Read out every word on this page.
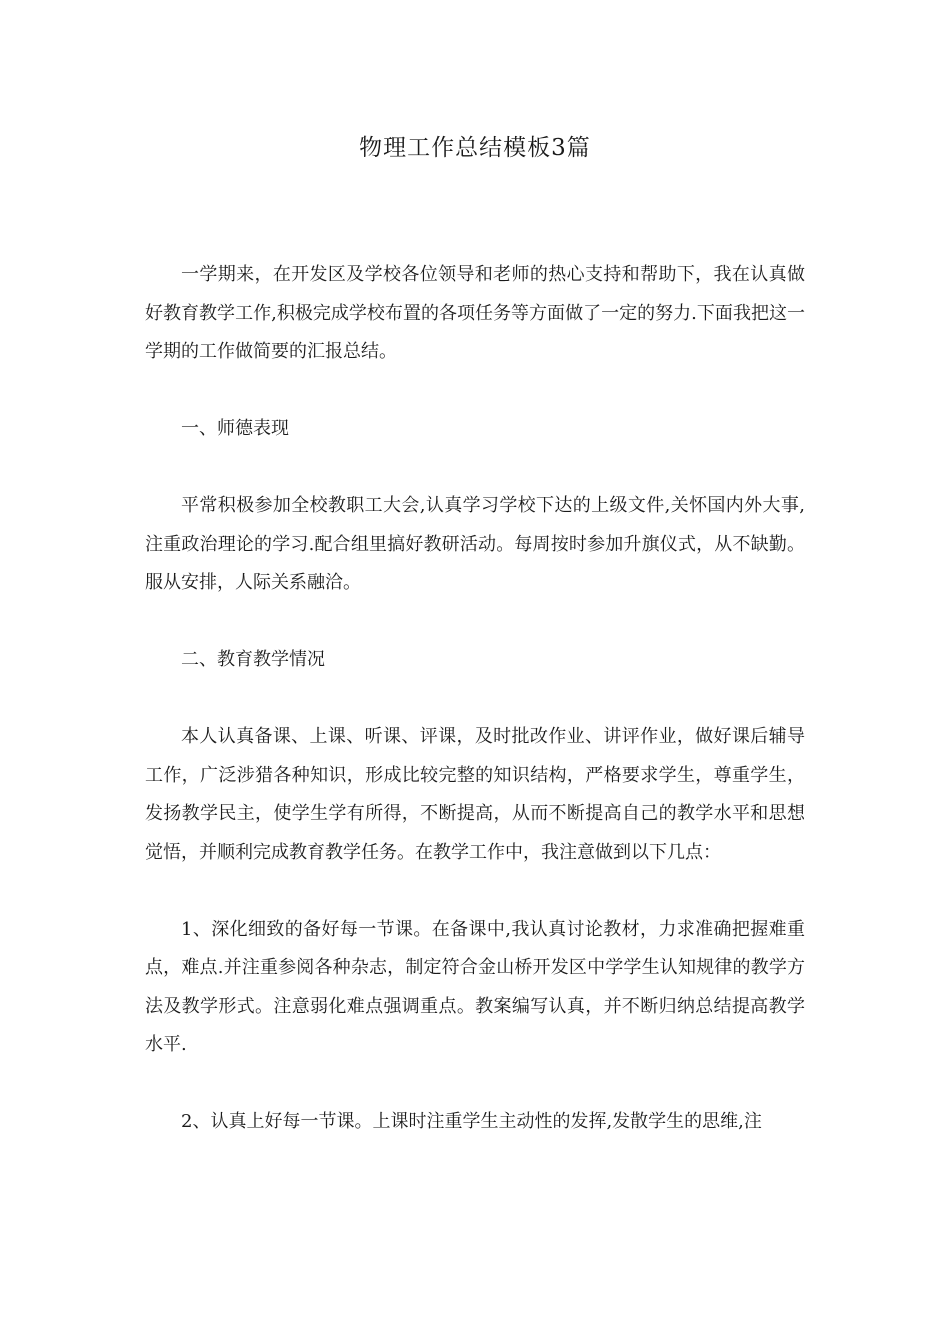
物理工作总结模板3篇

一学期来，在开发区及学校各位领导和老师的热心支持和帮助下，我在认真做好教育教学工作,积极完成学校布置的各项任务等方面做了一定的努力.下面我把这一学期的工作做简要的汇报总结。

一、师德表现

平常积极参加全校教职工大会,认真学习学校下达的上级文件,关怀国内外大事,注重政治理论的学习.配合组里搞好教研活动。每周按时参加升旗仪式，从不缺勤。服从安排，人际关系融洽。

二、教育教学情况

本人认真备课、上课、听课、评课，及时批改作业、讲评作业，做好课后辅导工作，广泛涉猎各种知识，形成比较完整的知识结构，严格要求学生，尊重学生，发扬教学民主，使学生学有所得，不断提高，从而不断提高自己的教学水平和思想觉悟，并顺利完成教育教学任务。在教学工作中，我注意做到以下几点：

1、深化细致的备好每一节课。在备课中,我认真讨论教材，力求准确把握难重点，难点.并注重参阅各种杂志，制定符合金山桥开发区中学学生认知规律的教学方法及教学形式。注意弱化难点强调重点。教案编写认真，并不断归纳总结提高教学水平.

2、认真上好每一节课。上课时注重学生主动性的发挥,发散学生的思维,注
